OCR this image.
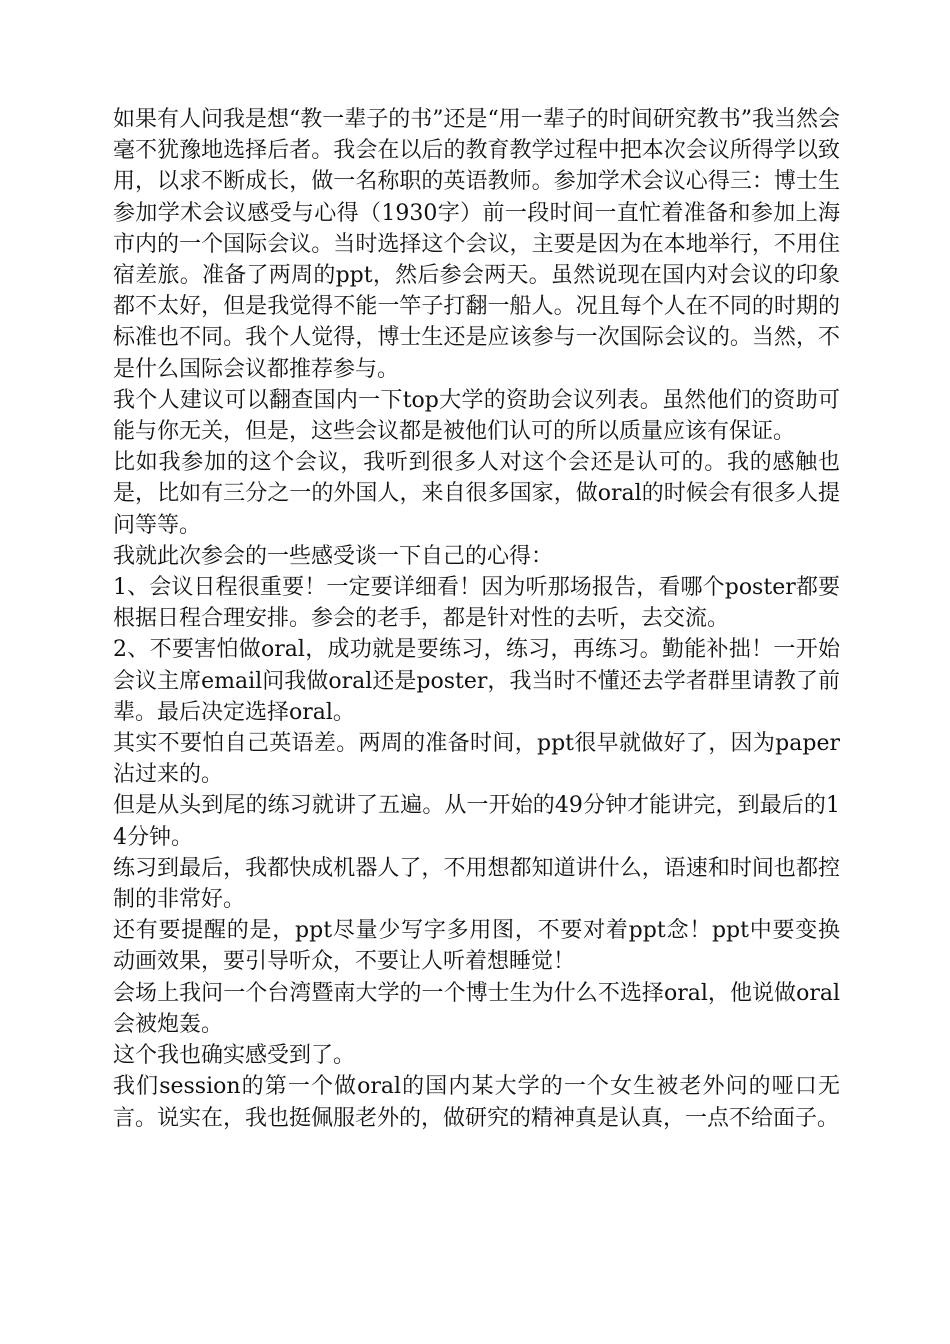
如果有人问我是想“教一辈子的书”还是“用一辈子的时间研究教书”我当然会毫不犹豫地选择后者。我会在以后的教育教学过程中把本次会议所得学以致用，以求不断成长，做一名称职的英语教师。参加学术会议心得三：博士生参加学术会议感受与心得（1930字）前一段时间一直忙着准备和参加上海市内的一个国际会议。当时选择这个会议，主要是因为在本地举行，不用住宿差旅。准备了两周的ppt，然后参会两天。虽然说现在国内对会议的印象都不太好，但是我觉得不能一竿子打翻一船人。况且每个人在不同的时期的标准也不同。我个人觉得，博士生还是应该参与一次国际会议的。当然，不是什么国际会议都推荐参与。

我个人建议可以翻查国内一下top大学的资助会议列表。虽然他们的资助可能与你无关，但是，这些会议都是被他们认可的所以质量应该有保证。

比如我参加的这个会议，我听到很多人对这个会还是认可的。我的感触也是，比如有三分之一的外国人，来自很多国家，做oral的时候会有很多人提问等等。

我就此次参会的一些感受谈一下自己的心得：

1、会议日程很重要！一定要详细看！因为听那场报告，看哪个poster都要根据日程合理安排。参会的老手，都是针对性的去听，去交流。

2、不要害怕做oral，成功就是要练习，练习，再练习。勤能补拙！一开始会议主席email问我做oral还是poster，我当时不懂还去学者群里请教了前辈。最后决定选择oral。

其实不要怕自己英语差。两周的准备时间，ppt很早就做好了，因为paper沾过来的。

但是从头到尾的练习就讲了五遍。从一开始的49分钟才能讲完，到最后的14分钟。

练习到最后，我都快成机器人了，不用想都知道讲什么，语速和时间也都控制的非常好。

还有要提醒的是，ppt尽量少写字多用图，不要对着ppt念！ppt中要变换动画效果，要引导听众，不要让人听着想睡觉！

会场上我问一个台湾暨南大学的一个博士生为什么不选择oral，他说做oral会被炮轰。

这个我也确实感受到了。

我们session的第一个做oral的国内某大学的一个女生被老外问的哑口无言。说实在，我也挺佩服老外的，做研究的精神真是认真，一点不给面子。
